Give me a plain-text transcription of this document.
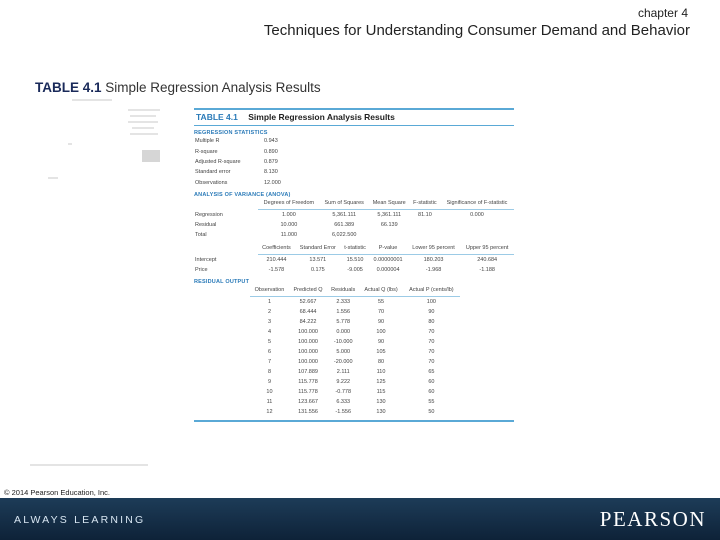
chapter 4
Techniques for Understanding Consumer Demand and Behavior
TABLE 4.1 Simple Regression Analysis Results
TABLE 4.1 Simple Regression Analysis Results
REGRESSION STATISTICS
Multiple R	0.943
R-square	0.890
Adjusted R-square	0.879
Standard error	8.130
Observations	12.000
ANALYSIS OF VARIANCE (ANOVA)
	Degrees of Freedom	Sum of Squares	Mean Square	F-statistic	Significance of F-statistic
Regression	1.000	5,361.111	5,361.111	81.10	0.000
Residual	10.000	661.389	66.139		
Total	11.000	6,022.500			
	Coefficients	Standard Error	t-statistic	P-value	Lower 95 percent	Upper 95 percent
Intercept	210.444	13.571	15.510	0.00000001	180.203	240.684
Price	-1.578	0.175	-9.005	0.000004	-1.968	-1.188
RESIDUAL OUTPUT
Observation	Predicted Q	Residuals	Actual Q (lbs)	Actual P (cents/lb)
1	52.667	2.333	55	100
2	68.444	1.556	70	90
3	84.222	5.778	90	80
4	100.000	0.000	100	70
5	100.000	-10.000	90	70
6	100.000	5.000	105	70
7	100.000	-20.000	80	70
8	107.889	2.111	110	65
9	115.778	9.222	125	60
10	115.778	-0.778	115	60
11	123.667	6.333	130	55
12	131.556	-1.556	130	50
© 2014 Pearson Education, Inc.
ALWAYS LEARNING	PEARSON
